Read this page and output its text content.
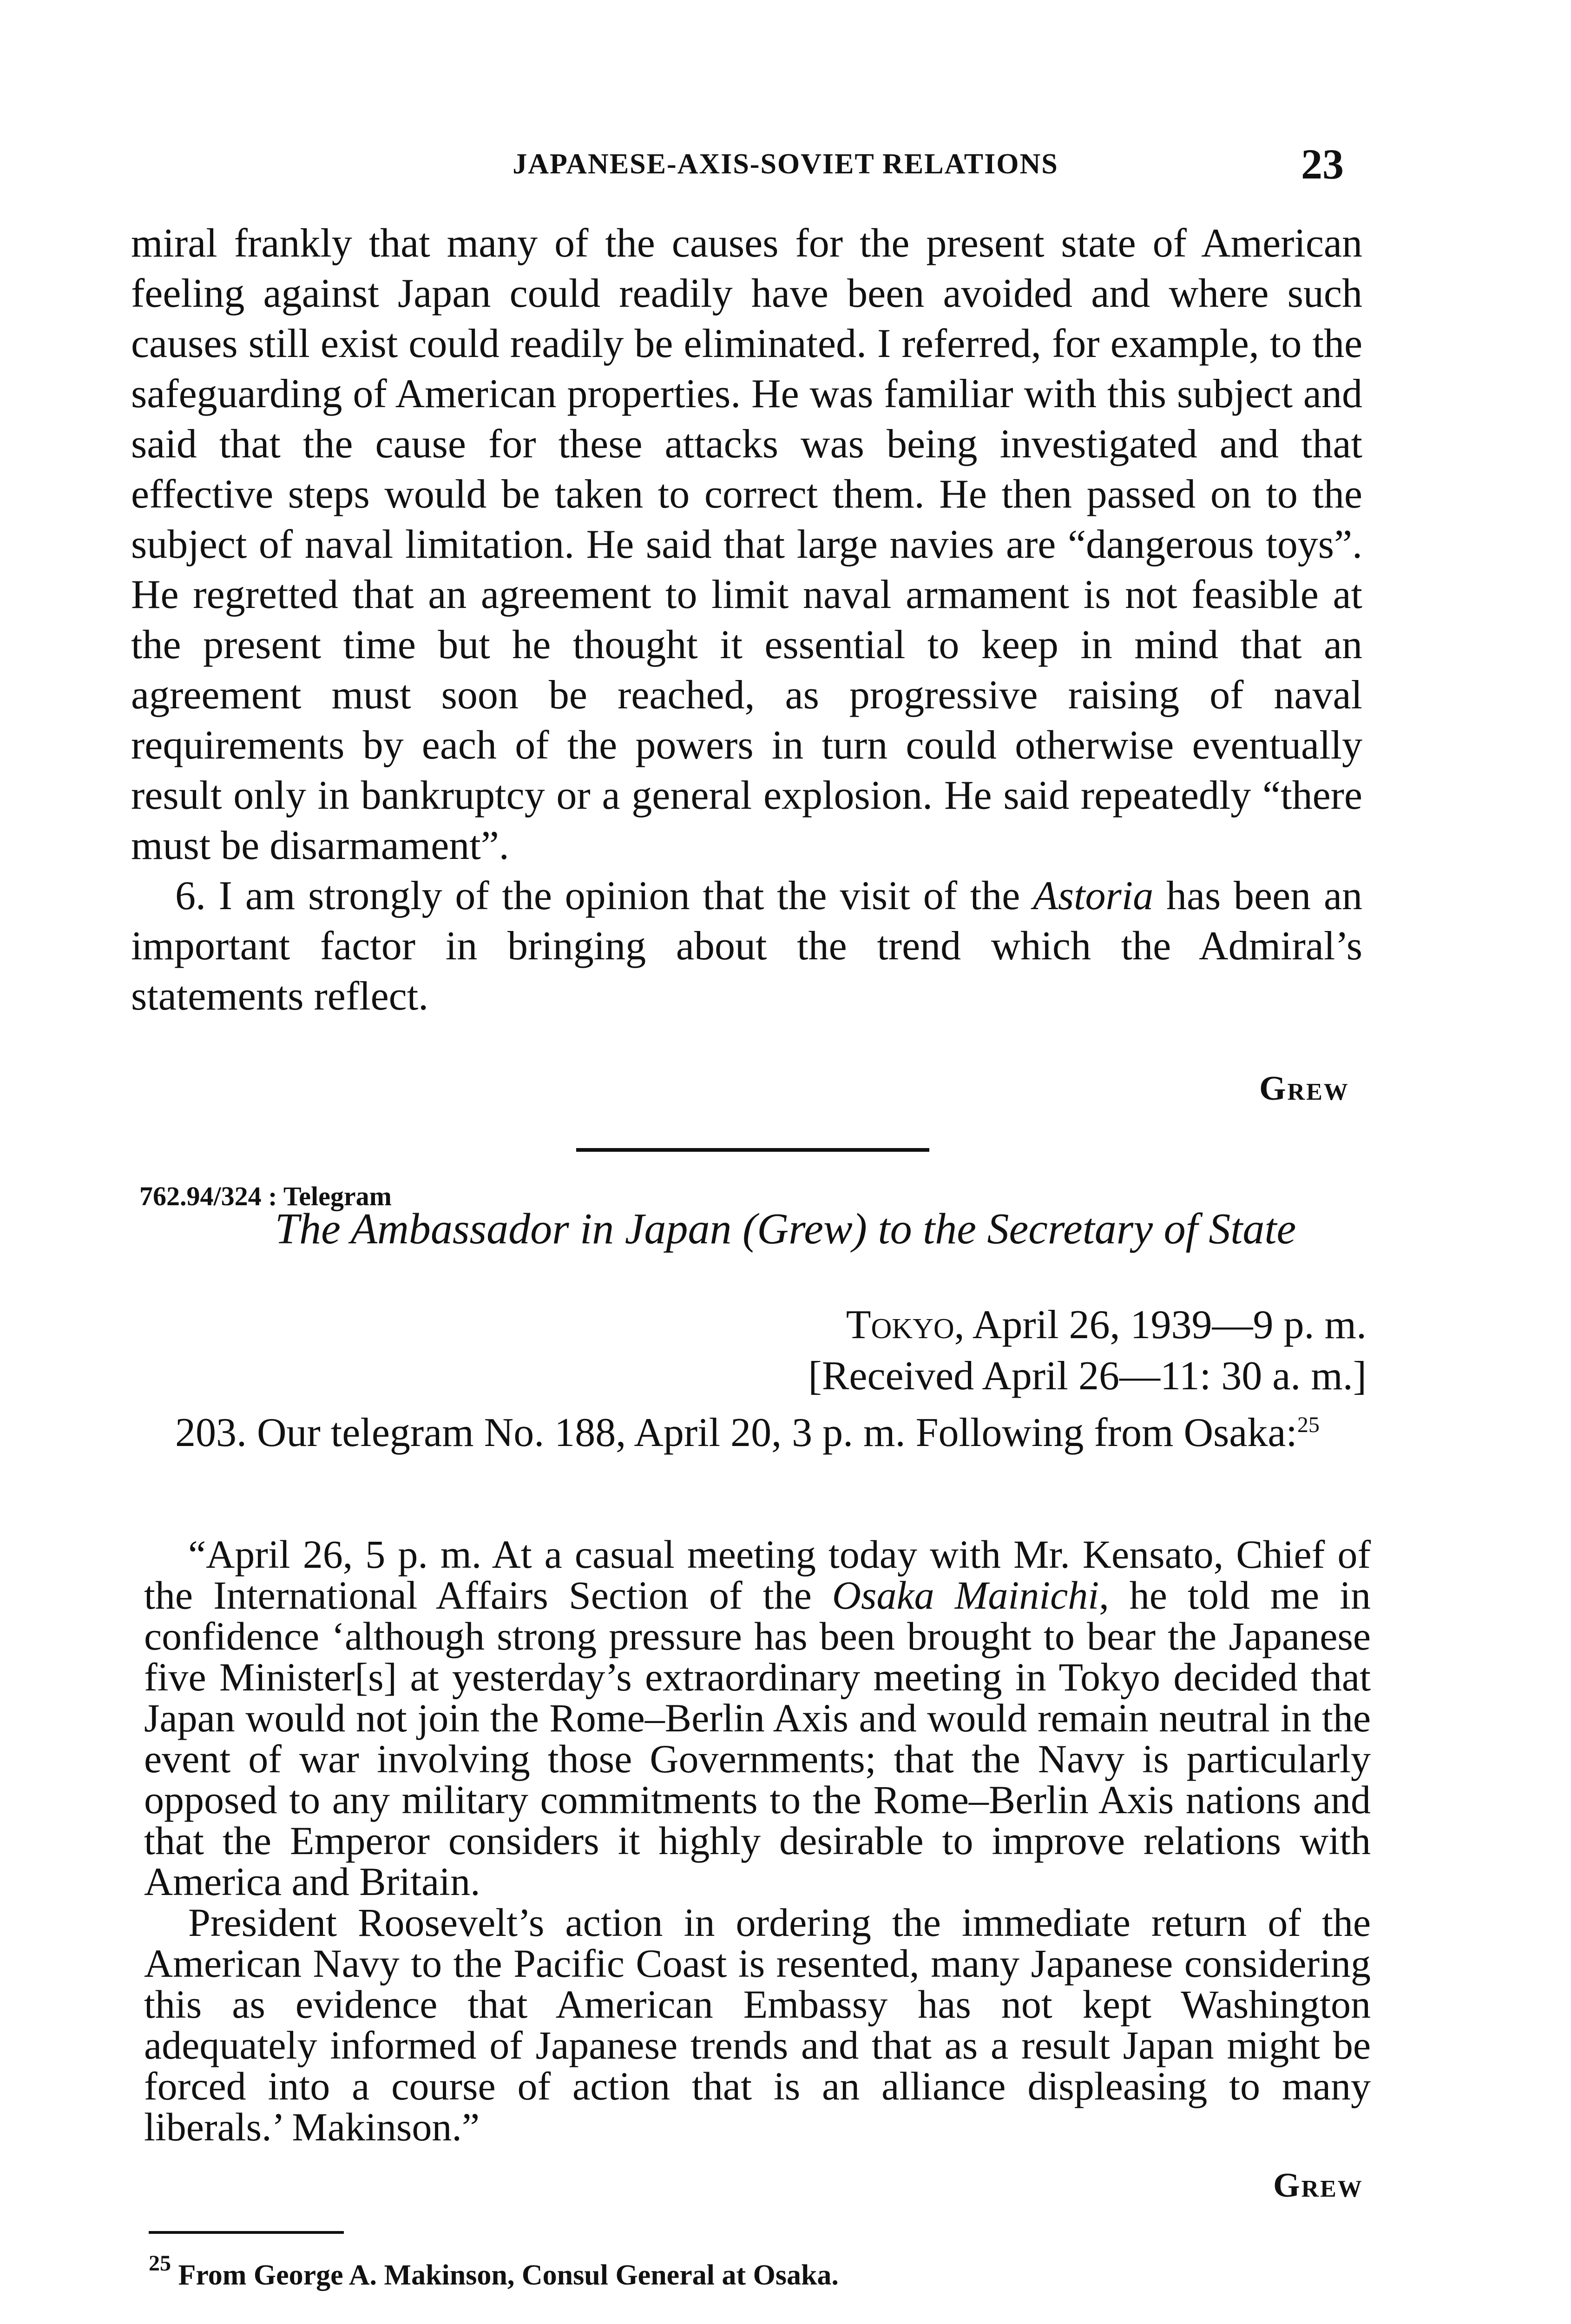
JAPANESE-AXIS-SOVIET RELATIONS	23

miral frankly that many of the causes for the present state of American feeling against Japan could readily have been avoided and where such causes still exist could readily be eliminated. I referred, for example, to the safeguarding of American properties. He was familiar with this subject and said that the cause for these attacks was being investigated and that effective steps would be taken to correct them. He then passed on to the subject of naval limitation. He said that large navies are “dangerous toys”. He regretted that an agreement to limit naval armament is not feasible at the present time but he thought it essential to keep in mind that an agreement must soon be reached, as progressive raising of naval requirements by each of the powers in turn could otherwise eventually result only in bankruptcy or a general explosion. He said repeatedly “there must be disarmament”.

6. I am strongly of the opinion that the visit of the Astoria has been an important factor in bringing about the trend which the Admiral’s statements reflect.

Grew
762.94/324 : Telegram
The Ambassador in Japan (Grew) to the Secretary of State
Tokyo, April 26, 1939—9 p. m.
[Received April 26—11: 30 a. m.]

203. Our telegram No. 188, April 20, 3 p. m. Following from Osaka:$^{25}$

“April 26, 5 p. m. At a casual meeting today with Mr. Kensato, Chief of the International Affairs Section of the Osaka Mainichi, he told me in confidence ‘although strong pressure has been brought to bear the Japanese five Minister[s] at yesterday’s extraordinary meeting in Tokyo decided that Japan would not join the Rome–Berlin Axis and would remain neutral in the event of war involving those Governments; that the Navy is particularly opposed to any military commitments to the Rome–Berlin Axis nations and that the Emperor considers it highly desirable to improve relations with America and Britain.

President Roosevelt’s action in ordering the immediate return of the American Navy to the Pacific Coast is resented, many Japanese considering this as evidence that American Embassy has not kept Washington adequately informed of Japanese trends and that as a result Japan might be forced into a course of action that is an alliance displeasing to many liberals.’ Makinson.”

Grew
$^{25}$ From George A. Makinson, Consul General at Osaka.
